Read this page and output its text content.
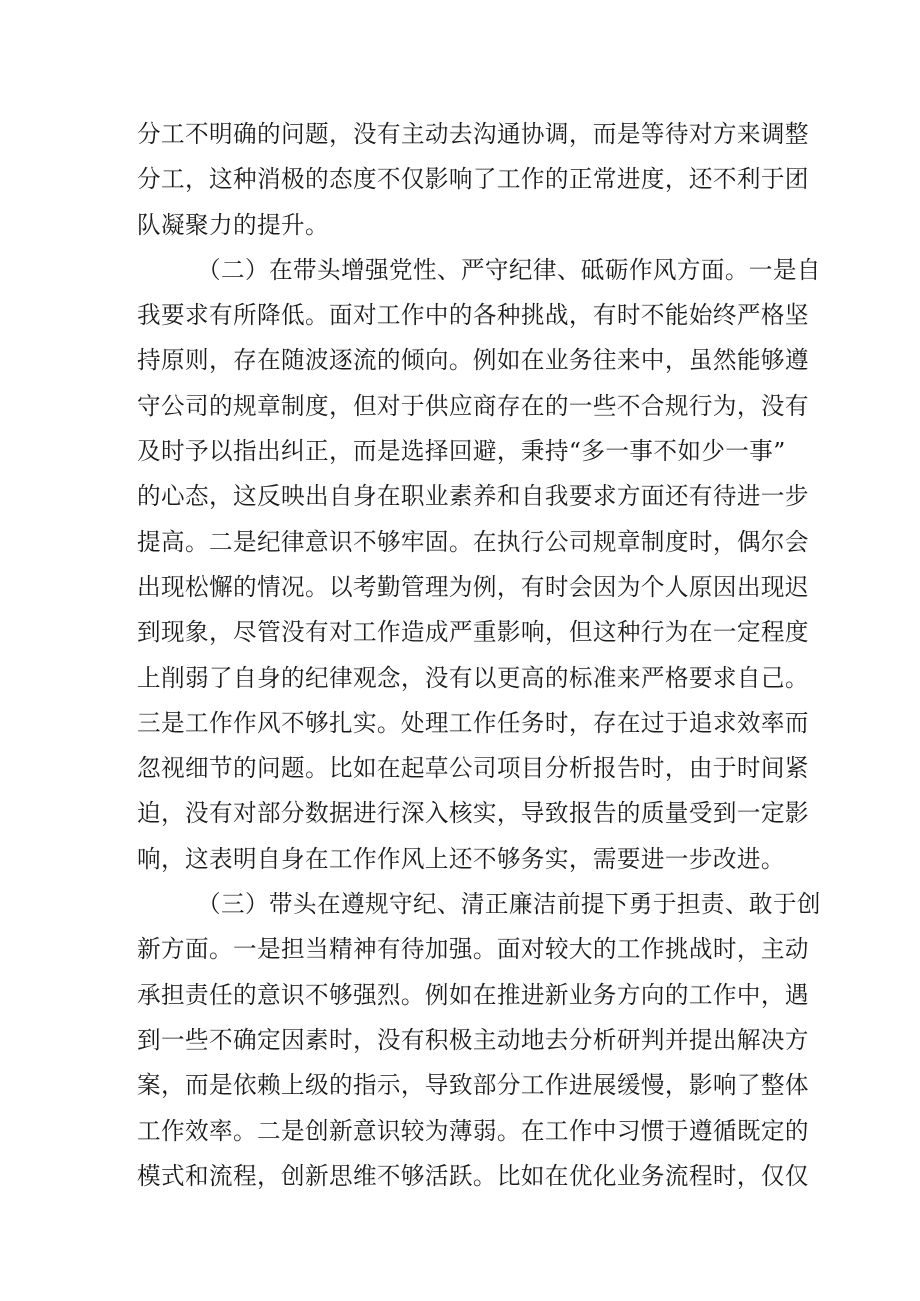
分工不明确的问题，没有主动去沟通协调，而是等待对方来调整
分工，这种消极的态度不仅影响了工作的正常进度，还不利于团
队凝聚力的提升。
（二）在带头增强党性、严守纪律、砥砺作风方面。一是自
我要求有所降低。面对工作中的各种挑战，有时不能始终严格坚
持原则，存在随波逐流的倾向。例如在业务往来中，虽然能够遵
守公司的规章制度，但对于供应商存在的一些不合规行为，没有
及时予以指出纠正，而是选择回避，秉持“多一事不如少一事”
的心态，这反映出自身在职业素养和自我要求方面还有待进一步
提高。二是纪律意识不够牢固。在执行公司规章制度时，偶尔会
出现松懈的情况。以考勤管理为例，有时会因为个人原因出现迟
到现象，尽管没有对工作造成严重影响，但这种行为在一定程度
上削弱了自身的纪律观念，没有以更高的标准来严格要求自己。
三是工作作风不够扎实。处理工作任务时，存在过于追求效率而
忽视细节的问题。比如在起草公司项目分析报告时，由于时间紧
迫，没有对部分数据进行深入核实，导致报告的质量受到一定影
响，这表明自身在工作作风上还不够务实，需要进一步改进。
（三）带头在遵规守纪、清正廉洁前提下勇于担责、敢于创
新方面。一是担当精神有待加强。面对较大的工作挑战时，主动
承担责任的意识不够强烈。例如在推进新业务方向的工作中，遇
到一些不确定因素时，没有积极主动地去分析研判并提出解决方
案，而是依赖上级的指示，导致部分工作进展缓慢，影响了整体
工作效率。二是创新意识较为薄弱。在工作中习惯于遵循既定的
模式和流程，创新思维不够活跃。比如在优化业务流程时，仅仅
